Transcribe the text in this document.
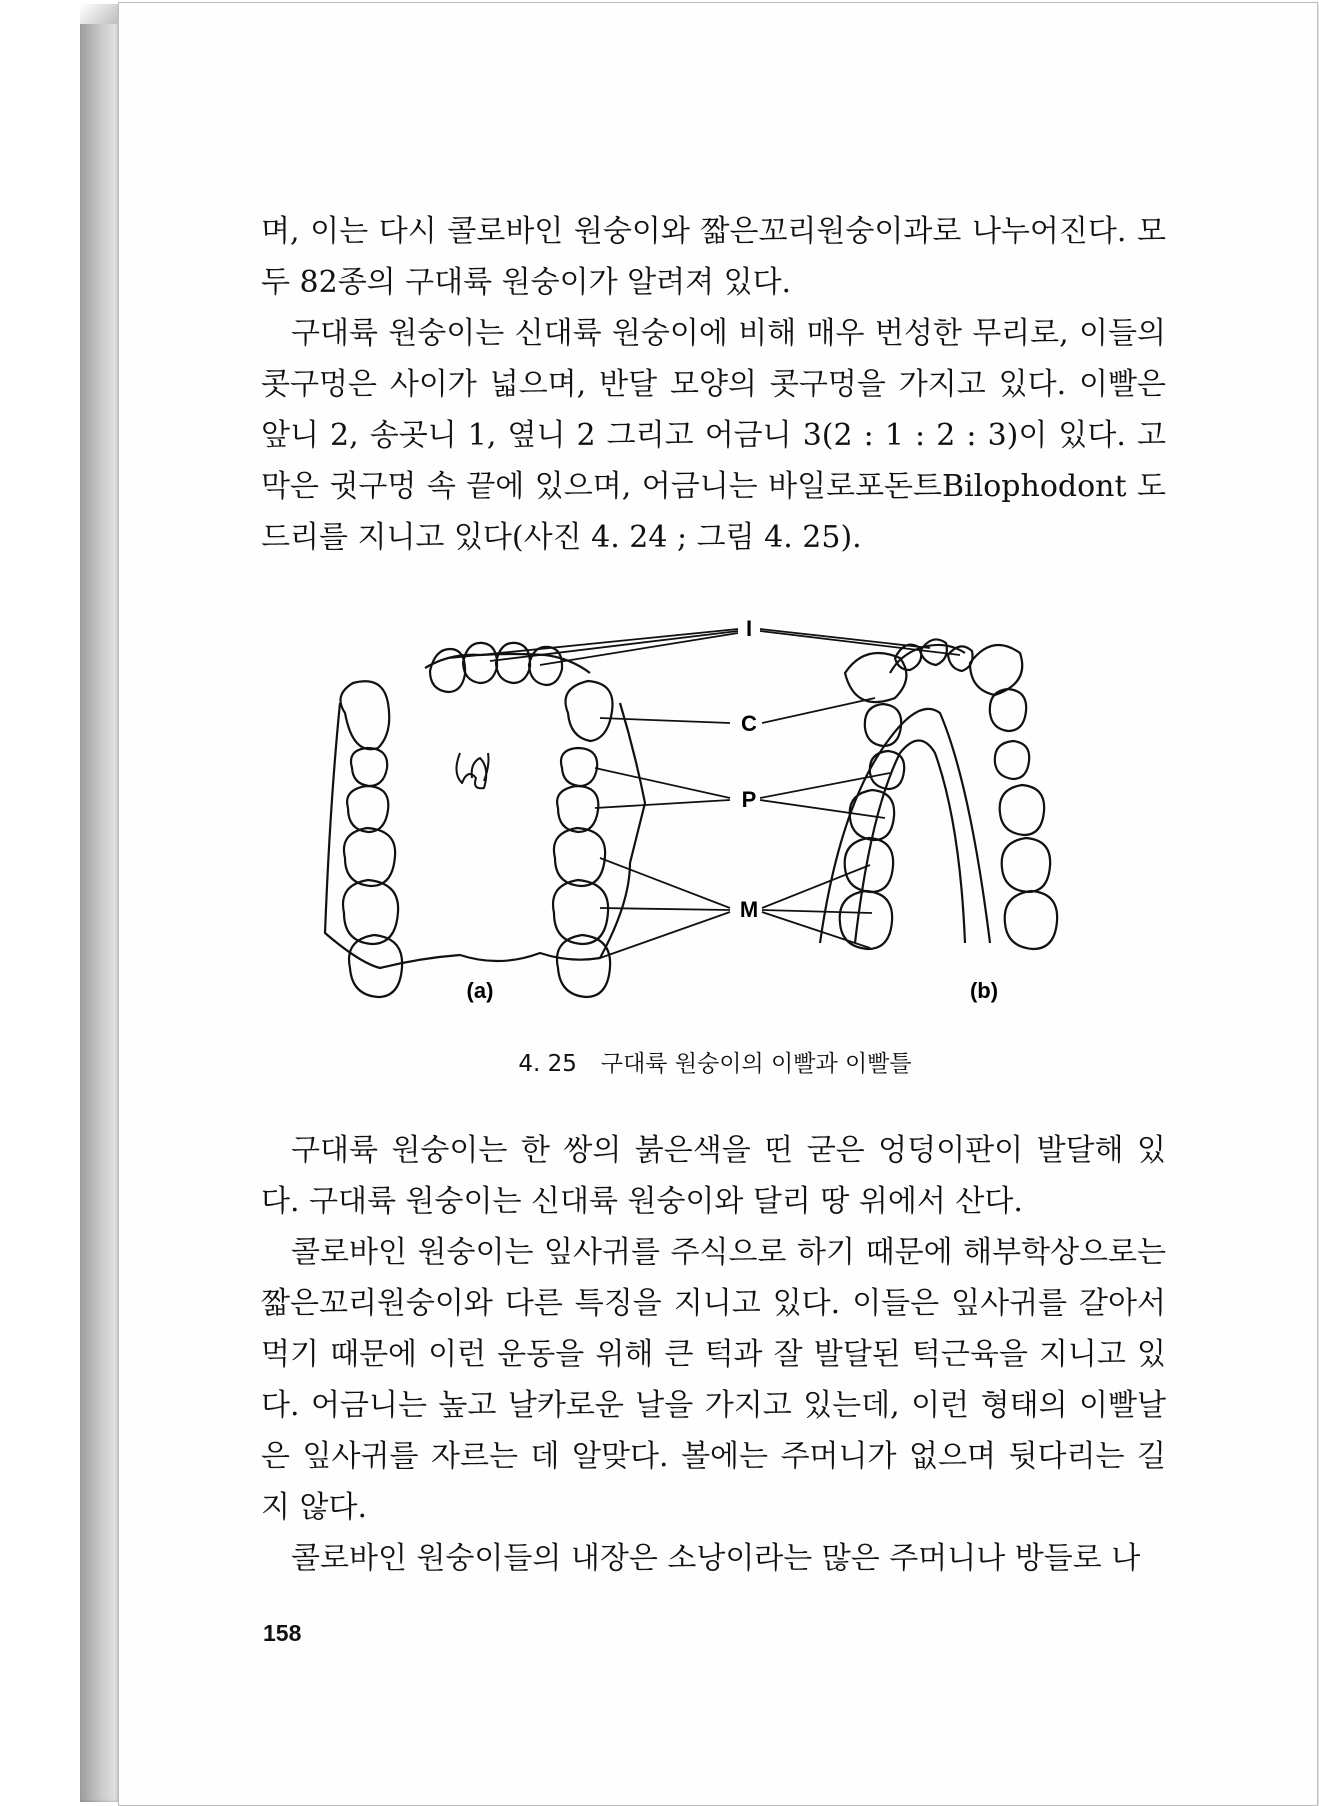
며, 이는 다시 콜로바인 원숭이와 짧은꼬리원숭이과로 나누어진다. 모두 82종의 구대륙 원숭이가 알려져 있다.

구대륙 원숭이는 신대륙 원숭이에 비해 매우 번성한 무리로, 이들의 콧구멍은 사이가 넓으며, 반달 모양의 콧구멍을 가지고 있다. 이빨은 앞니 2, 송곳니 1, 옆니 2 그리고 어금니 3(2 : 1 : 2 : 3)이 있다. 고막은 귓구멍 속 끝에 있으며, 어금니는 바일로포돈트Bilophodont 도드리를 지니고 있다(사진 4. 24 ; 그림 4. 25).

I
C
P
M
(a)	(b)
4. 25 구대륙 원숭이의 이빨과 이빨틀

구대륙 원숭이는 한 쌍의 붉은색을 띤 굳은 엉덩이판이 발달해 있다. 구대륙 원숭이는 신대륙 원숭이와 달리 땅 위에서 산다.

콜로바인 원숭이는 잎사귀를 주식으로 하기 때문에 해부학상으로는 짧은꼬리원숭이와 다른 특징을 지니고 있다. 이들은 잎사귀를 갈아서 먹기 때문에 이런 운동을 위해 큰 턱과 잘 발달된 턱근육을 지니고 있다. 어금니는 높고 날카로운 날을 가지고 있는데, 이런 형태의 이빨날은 잎사귀를 자르는 데 알맞다. 볼에는 주머니가 없으며 뒷다리는 길지 않다.

콜로바인 원숭이들의 내장은 소낭이라는 많은 주머니나 방들로 나

158
